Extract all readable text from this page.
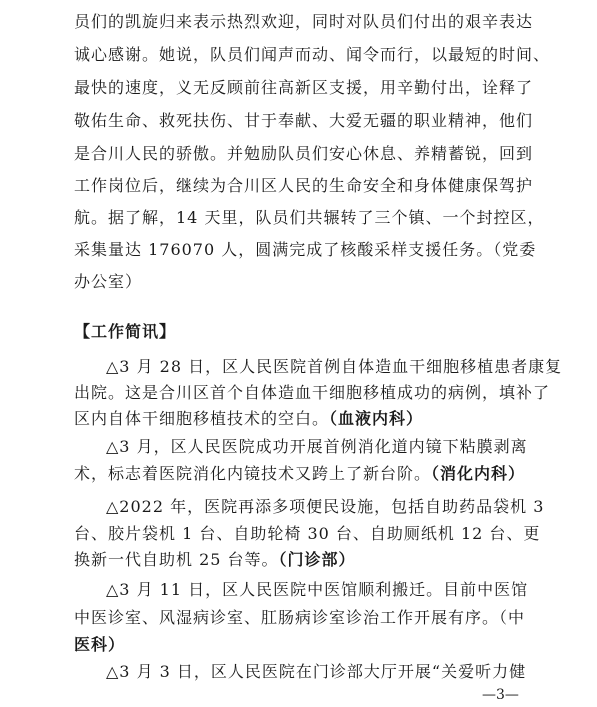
员们的凯旋归来表示热烈欢迎，同时对队员们付出的艰辛表达
诚心感谢。她说，队员们闻声而动、闻令而行，以最短的时间、
最快的速度，义无反顾前往高新区支援，用辛勤付出，诠释了
敬佑生命、救死扶伤、甘于奉献、大爱无疆的职业精神，他们
是合川人民的骄傲。并勉励队员们安心休息、养精蓄锐，回到
工作岗位后，继续为合川区人民的生命安全和身体健康保驾护
航。据了解，14 天里，队员们共辗转了三个镇、一个封控区，
采集量达 176070 人，圆满完成了核酸采样支援任务。（党委
办公室）
【工作简讯】
△3 月 28 日，区人民医院首例自体造血干细胞移植患者康复
出院。这是合川区首个自体造血干细胞移植成功的病例，填补了
区内自体干细胞移植技术的空白。（血液内科）
△3 月，区人民医院成功开展首例消化道内镜下粘膜剥离
术，标志着医院消化内镜技术又跨上了新台阶。（消化内科）
△2022 年，医院再添多项便民设施，包括自助药品袋机 3
台、胶片袋机 1 台、自助轮椅 30 台、自助厕纸机 12 台、更
换新一代自助机 25 台等。（门诊部）
△3 月 11 日，区人民医院中医馆顺利搬迁。目前中医馆
中医诊室、风湿病诊室、肛肠病诊室诊治工作开展有序。（中
医科）
△3 月 3 日，区人民医院在门诊部大厅开展“关爱听力健
—3—
